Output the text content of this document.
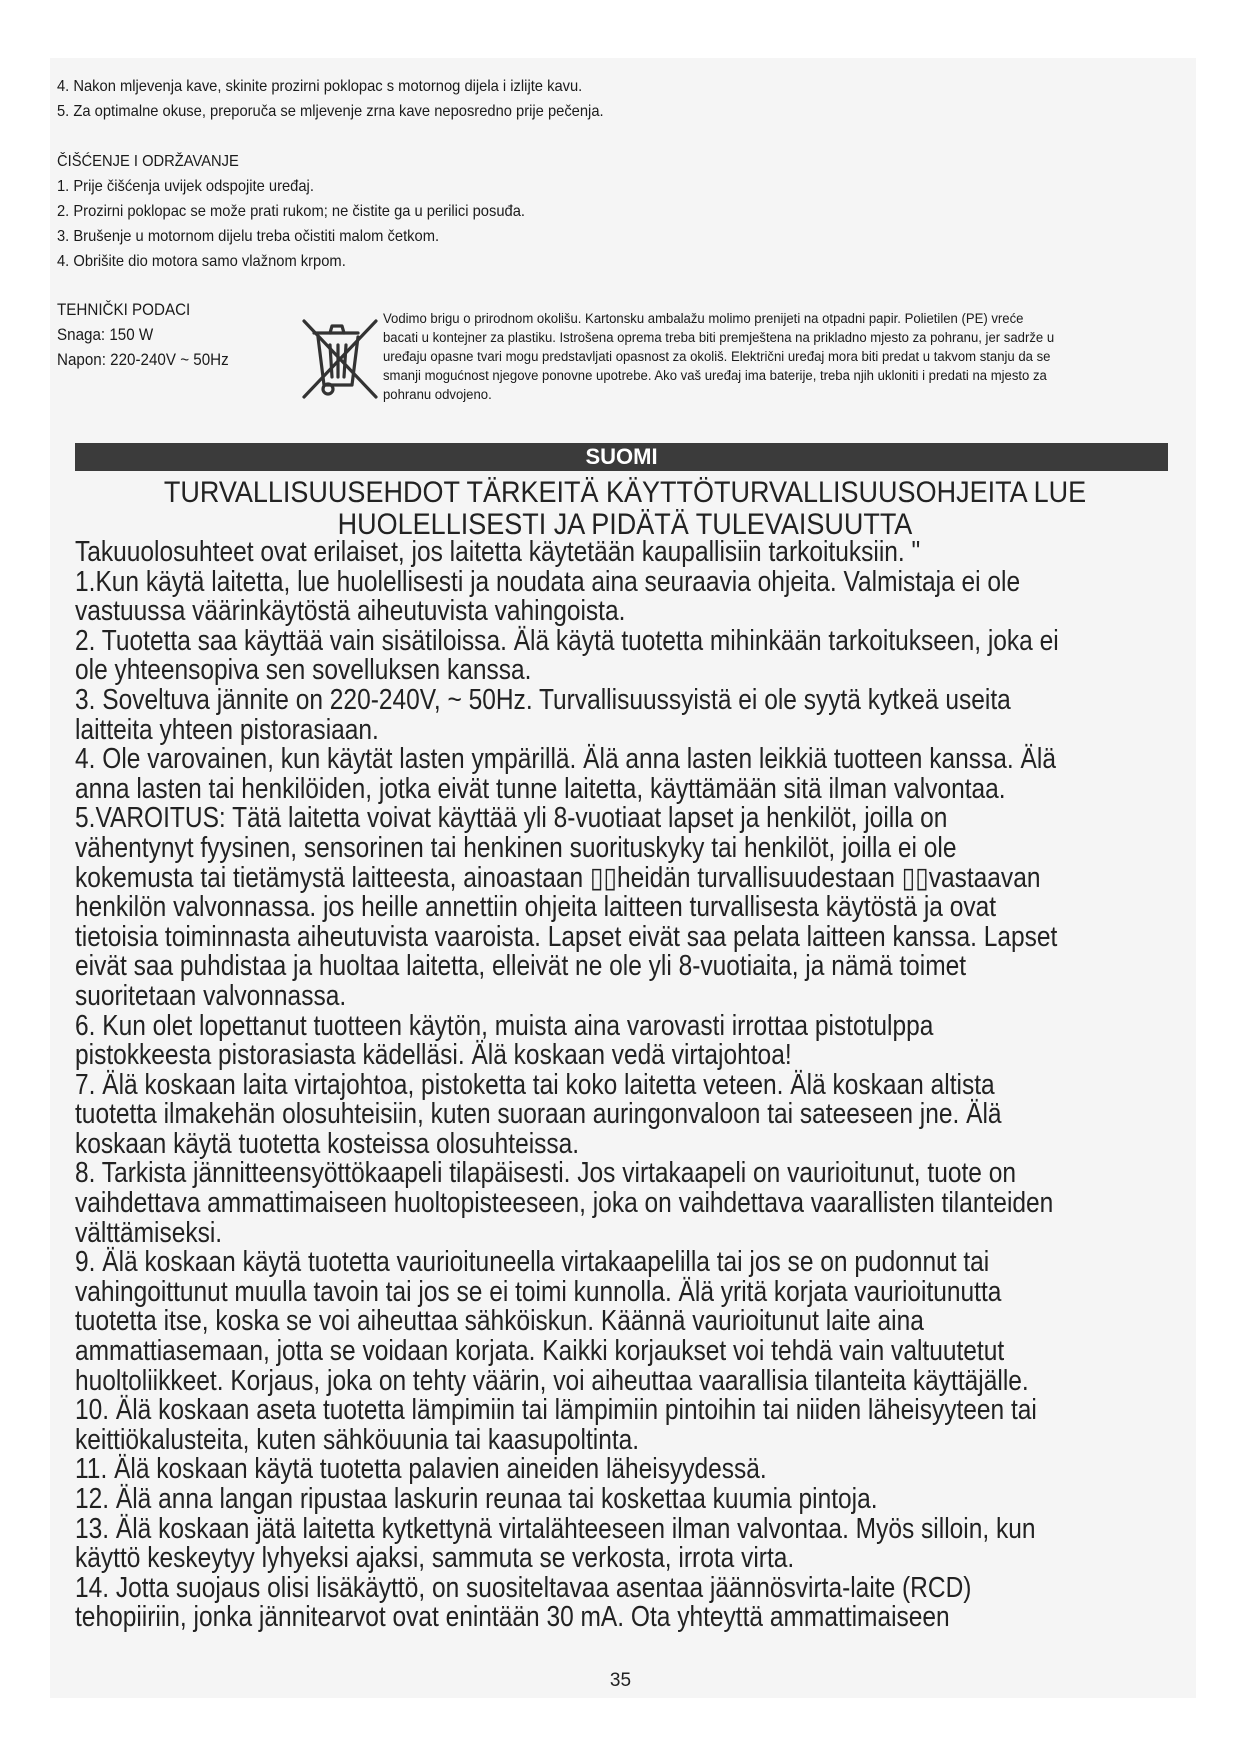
4. Nakon mljevenja kave, skinite prozirni poklopac s motornog dijela i izlijte kavu.
5. Za optimalne okuse, preporuča se mljevenje zrna kave neposredno prije pečenja.
ČIŠĆENJE I ODRŽAVANJE
1. Prije čišćenja uvijek odspojite uređaj.
2. Prozirni poklopac se može prati rukom; ne čistite ga u perilici posuđa.
3. Brušenje u motornom dijelu treba očistiti malom četkom.
4. Obrišite dio motora samo vlažnom krpom.
TEHNIČKI PODACI
Snaga: 150 W
Napon: 220-240V ~ 50Hz
Vodimo brigu o prirodnom okolišu. Kartonsku ambalažu molimo prenijeti na otpadni papir. Polietilen (PE) vreće
bacati u kontejner za plastiku. Istrošena oprema treba biti premještena na prikladno mjesto za pohranu, jer sadrže u
uređaju opasne tvari mogu predstavljati opasnost za okoliš. Električni uređaj mora biti predat u takvom stanju da se
smanji mogućnost njegove ponovne upotrebe. Ako vaš uređaj ima baterije, treba njih ukloniti i predati na mjesto za
pohranu odvojeno.
SUOMI
TURVALLISUUSEHDOT TÄRKEITÄ KÄYTTÖTURVALLISUUSOHJEITA LUE
HUOLELLISESTI JA PIDÄTÄ TULEVAISUUTTA
Takuuolosuhteet ovat erilaiset, jos laitetta käytetään kaupallisiin tarkoituksiin. "
1.Kun käytä laitetta, lue huolellisesti ja noudata aina seuraavia ohjeita. Valmistaja ei ole
vastuussa väärinkäytöstä aiheutuvista vahingoista.
2. Tuotetta saa käyttää vain sisätiloissa. Älä käytä tuotetta mihinkään tarkoitukseen, joka ei
ole yhteensopiva sen sovelluksen kanssa.
3. Soveltuva jännite on 220-240V, ~ 50Hz. Turvallisuussyistä ei ole syytä kytkeä useita
laitteita yhteen pistorasiaan.
4. Ole varovainen, kun käytät lasten ympärillä. Älä anna lasten leikkiä tuotteen kanssa. Älä
anna lasten tai henkilöiden, jotka eivät tunne laitetta, käyttämään sitä ilman valvontaa.
5.VAROITUS: Tätä laitetta voivat käyttää yli 8-vuotiaat lapset ja henkilöt, joilla on
vähentynyt fyysinen, sensorinen tai henkinen suorituskyky tai henkilöt, joilla ei ole
kokemusta tai tietämystä laitteesta, ainoastaan ▯▯heidän turvallisuudestaan ▯▯vastaavan
henkilön valvonnassa. jos heille annettiin ohjeita laitteen turvallisesta käytöstä ja ovat
tietoisia toiminnasta aiheutuvista vaaroista. Lapset eivät saa pelata laitteen kanssa. Lapset
eivät saa puhdistaa ja huoltaa laitetta, elleivät ne ole yli 8-vuotiaita, ja nämä toimet
suoritetaan valvonnassa.
6. Kun olet lopettanut tuotteen käytön, muista aina varovasti irrottaa pistotulppa
pistokkeesta pistorasiasta kädelläsi. Älä koskaan vedä virtajohtoa!
7. Älä koskaan laita virtajohtoa, pistoketta tai koko laitetta veteen. Älä koskaan altista
tuotetta ilmakehän olosuhteisiin, kuten suoraan auringonvaloon tai sateeseen jne. Älä
koskaan käytä tuotetta kosteissa olosuhteissa.
8. Tarkista jännitteensyöttökaapeli tilapäisesti. Jos virtakaapeli on vaurioitunut, tuote on
vaihdettava ammattimaiseen huoltopisteeseen, joka on vaihdettava vaarallisten tilanteiden
välttämiseksi.
9. Älä koskaan käytä tuotetta vaurioituneella virtakaapelilla tai jos se on pudonnut tai
vahingoittunut muulla tavoin tai jos se ei toimi kunnolla. Älä yritä korjata vaurioitunutta
tuotetta itse, koska se voi aiheuttaa sähköiskun. Käännä vaurioitunut laite aina
ammattiasemaan, jotta se voidaan korjata. Kaikki korjaukset voi tehdä vain valtuutetut
huoltoliikkeet. Korjaus, joka on tehty väärin, voi aiheuttaa vaarallisia tilanteita käyttäjälle.
10. Älä koskaan aseta tuotetta lämpimiin tai lämpimiin pintoihin tai niiden läheisyyteen tai
keittiökalusteita, kuten sähköuunia tai kaasupoltinta.
11. Älä koskaan käytä tuotetta palavien aineiden läheisyydessä.
12. Älä anna langan ripustaa laskurin reunaa tai koskettaa kuumia pintoja.
13. Älä koskaan jätä laitetta kytkettynä virtalähteeseen ilman valvontaa. Myös silloin, kun
käyttö keskeytyy lyhyeksi ajaksi, sammuta se verkosta, irrota virta.
14. Jotta suojaus olisi lisäkäyttö, on suositeltavaa asentaa jäännösvirta-laite (RCD)
tehopiiriin, jonka jännitearvot ovat enintään 30 mA. Ota yhteyttä ammattimaiseen
35
